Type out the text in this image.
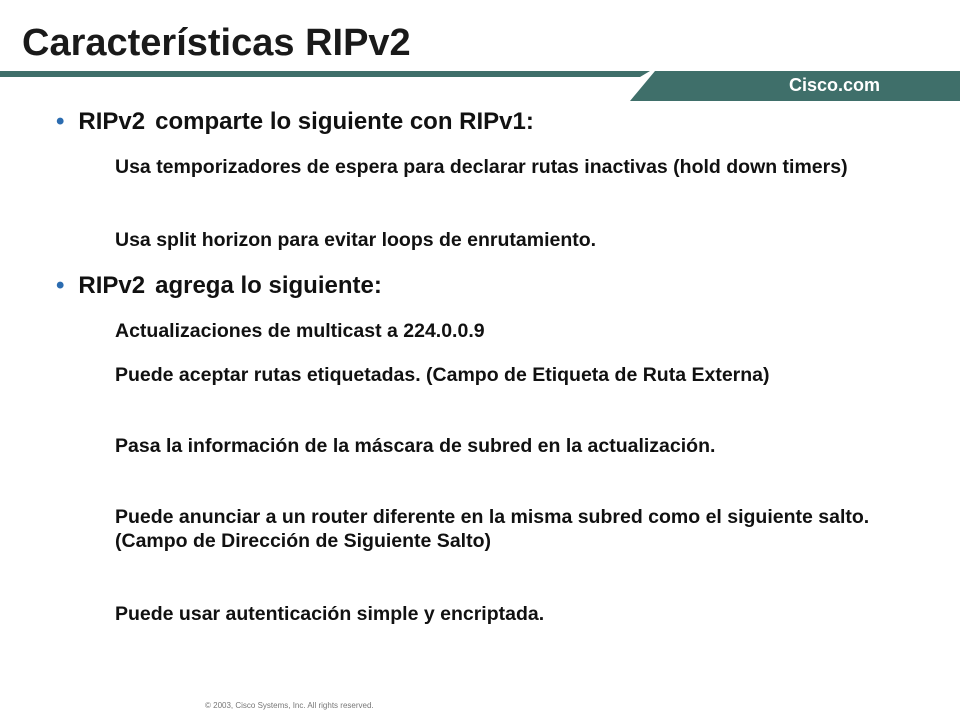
Características RIPv2
Cisco.com
• RIPv2 comparte lo siguiente con RIPv1:
Usa temporizadores de espera para declarar rutas inactivas (hold down timers)
Usa split horizon para evitar loops de enrutamiento.
• RIPv2 agrega lo siguiente:
Actualizaciones de multicast a 224.0.0.9
Puede aceptar rutas etiquetadas. (Campo de Etiqueta de Ruta Externa)
Pasa la información de la máscara de subred en la actualización.
Puede anunciar a un router diferente en la misma subred como el siguiente salto. (Campo de Dirección de Siguiente Salto)
Puede usar autenticación simple y encriptada.
© 2003, Cisco Systems, Inc. All rights reserved.
